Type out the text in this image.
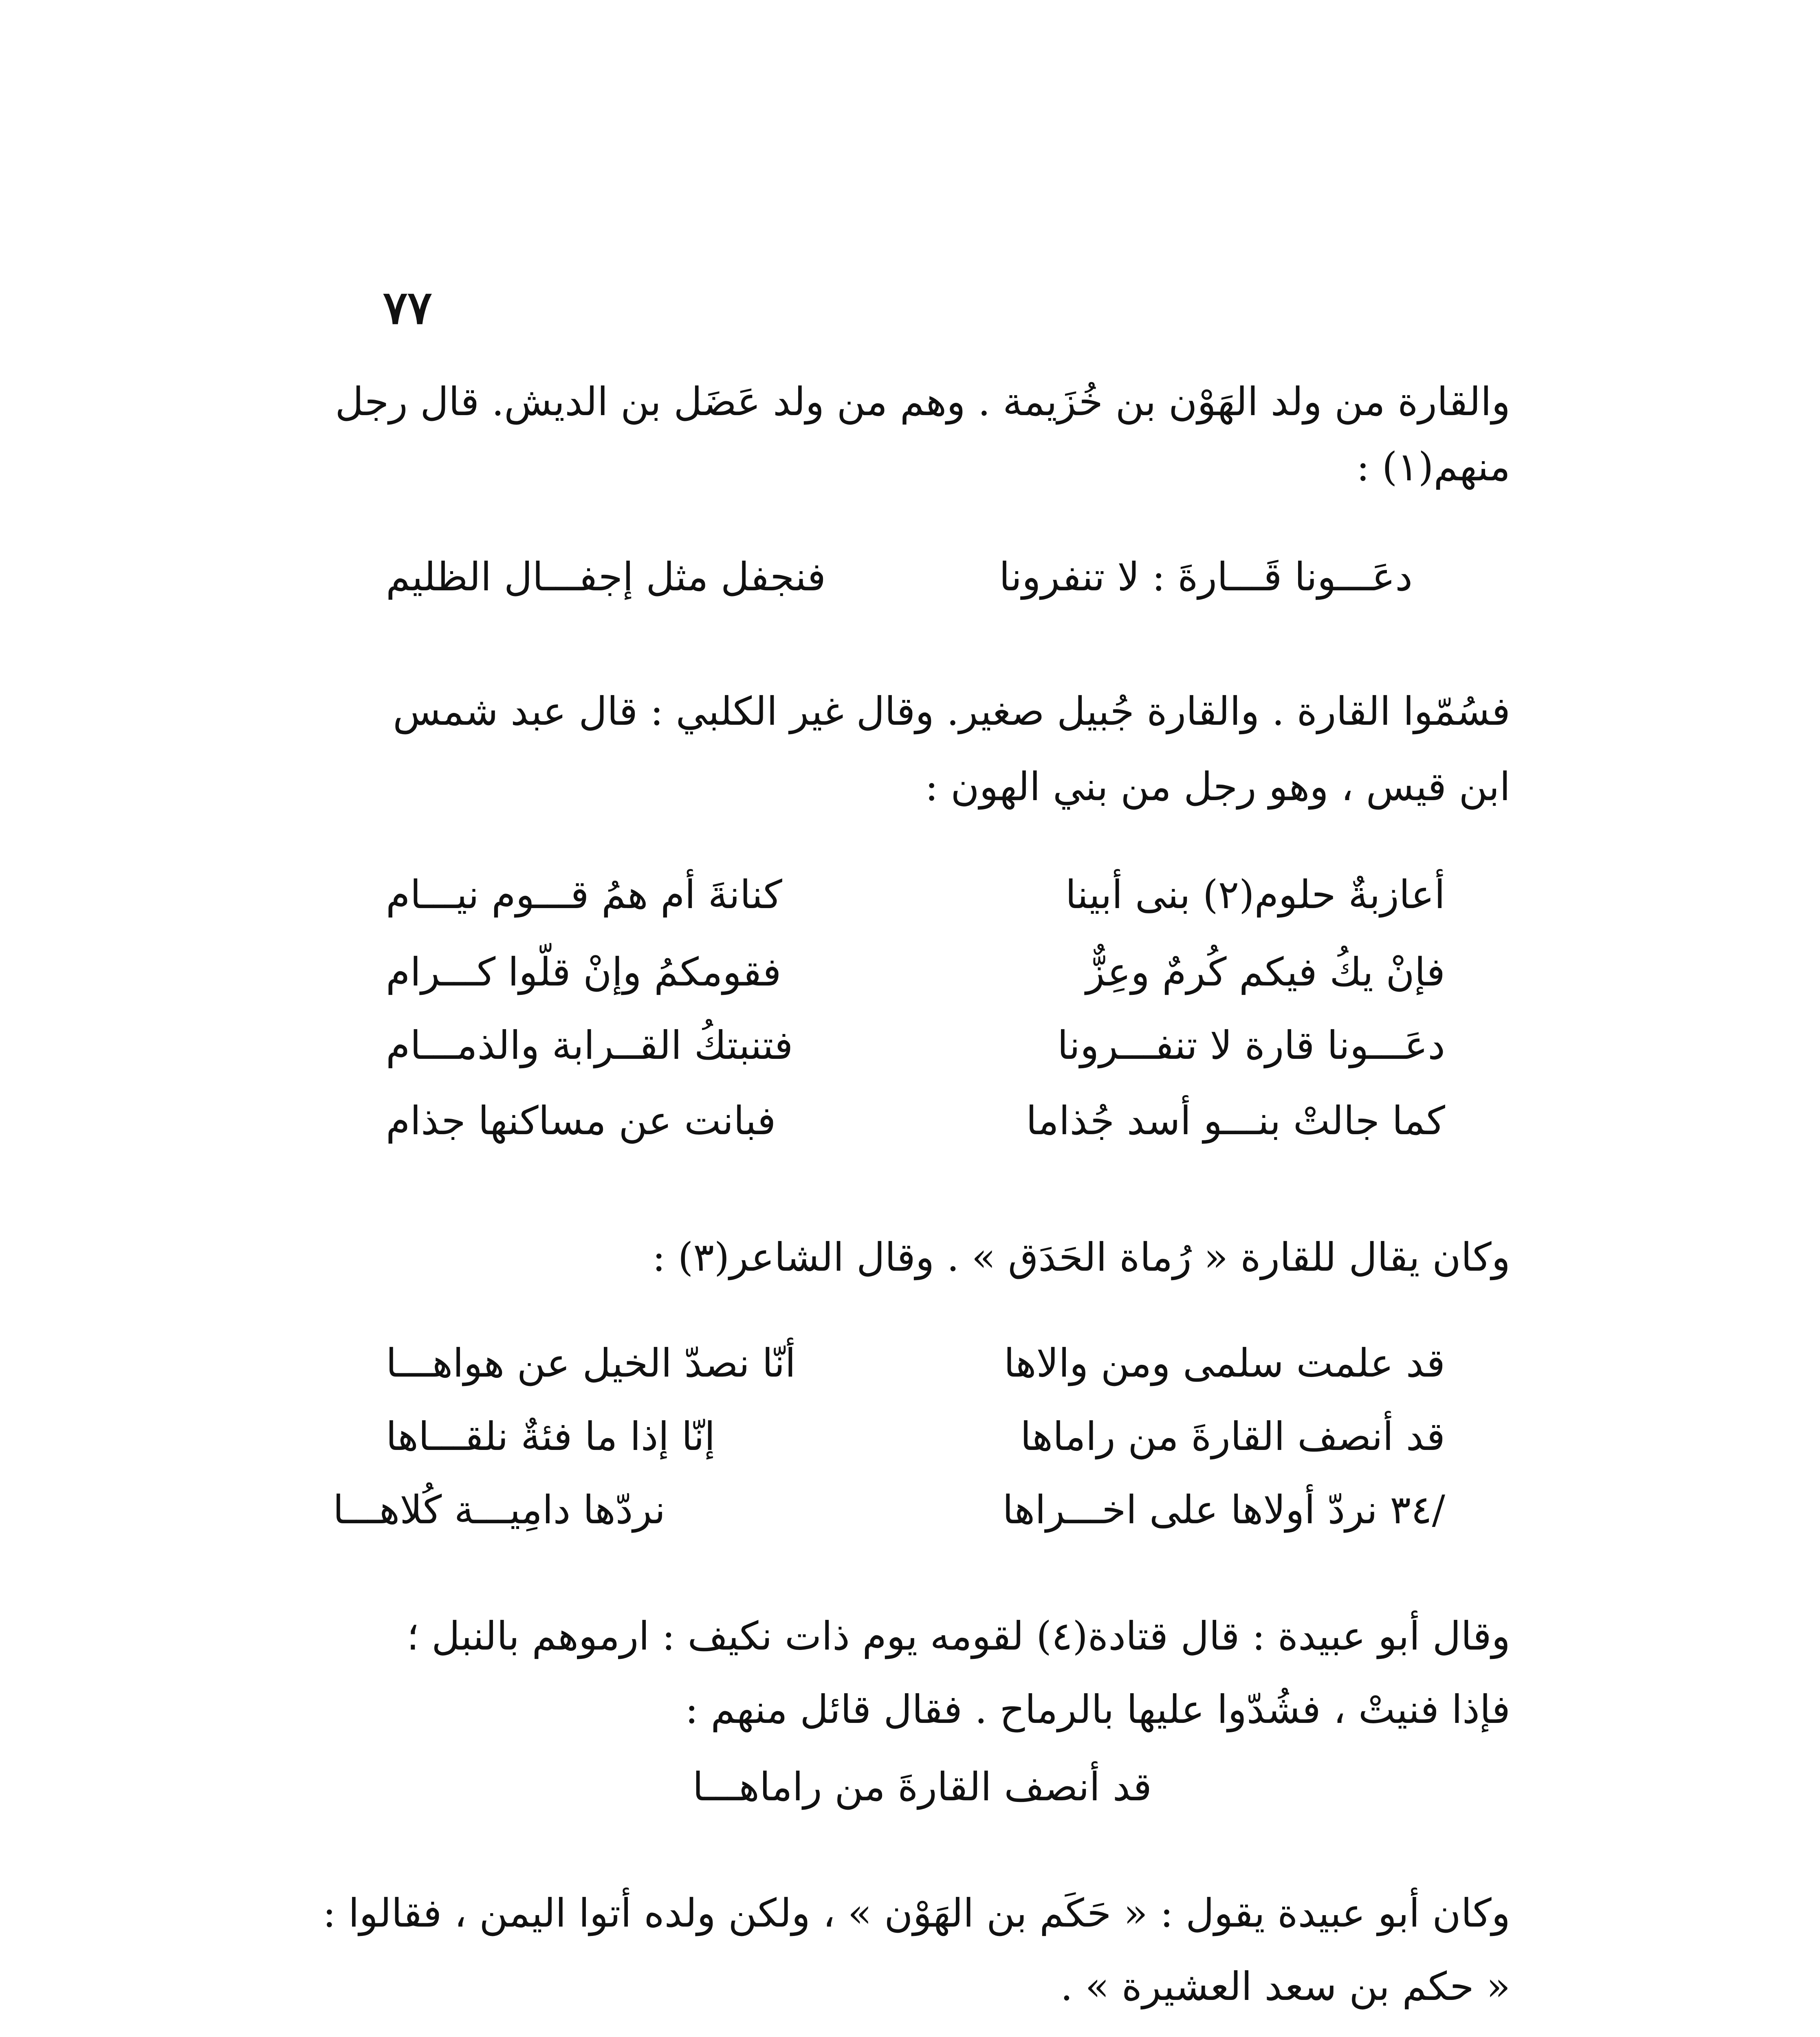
٧٧
والقارة من ولد الهَوْن بن خُزَيمة . وهم من ولد عَضَل بن الديش. قال رجل
منهم(١) :
دعَـــونا قَـــارةَ : لا تنفرونا
فنجفل مثل إجفـــال الظليم
فسُمّوا القارة . والقارة جُبيل صغير. وقال غير الكلبي : قال عبد شمس
ابن قيس ، وهو رجل من بني الهون :
أعازبةٌ حلوم(٢) بنى أبينا
كنانةَ أم همُ قـــوم نيـــام
فإنْ يكُ فيكم كُرمٌ وعِزٌّ
فقومكمُ وإنْ قلّوا كـــرام
دعَـــونا قارة لا تنفـــرونا
فتنبتكُ القــرابة والذمـــام
كما جالتْ بنـــو أسد جُذاما
فبانت عن مساكنها جذام
وكان يقال للقارة « رُماة الحَدَق » . وقال الشاعر(٣) :
قد علمت سلمى ومن والاها
أنّا نصدّ الخيل عن هواهـــا
قد أنصف القارةَ من راماها
إنّا إذا ما فئةٌ نلقـــاها
/٣٤ نردّ أولاها على اخـــراها
نردّها دامِيـــة كُلاهـــا
وقال أبو عبيدة : قال قتادة(٤) لقومه يوم ذات نكيف : ارموهم بالنبل ؛
فإذا فنيتْ ، فشُدّوا عليها بالرماح . فقال قائل منهم :
قد أنصف القارةَ من راماهـــا
وكان أبو عبيدة يقول : « حَكَم بن الهَوْن » ، ولكن ولده أتوا اليمن ، فقالوا :
« حكم بن سعد العشيرة » .
